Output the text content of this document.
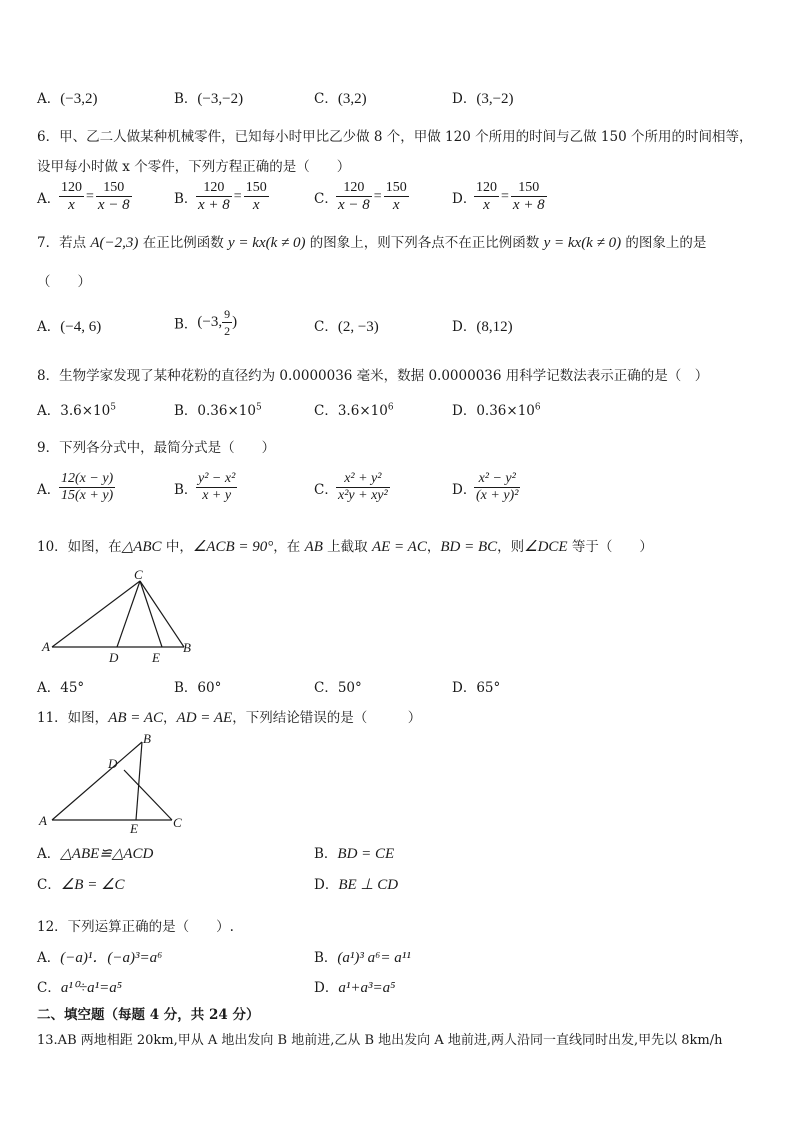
A．(−3,2)	B．(−3,−2)	C．(3,2)	D．(3,−2)
6．甲、乙二人做某种机械零件，已知每小时甲比乙少做 8 个，甲做 120 个所用的时间与乙做 150 个所用的时间相等，
设甲每小时做 x 个零件，下列方程正确的是（　　）
A．
$\frac{120}{x} = \frac{150}{x - 8}$	B．
$\frac{120}{x + 8} = \frac{150}{x}$	C．
$\frac{120}{x - 8} = \frac{150}{x}$	D．
$\frac{120}{x} = \frac{150}{x + 8}$
7．若点 A(−2,3) 在正比例函数 y = kx(k ≠ 0) 的图象上，则下列各点不在正比例函数 y = kx(k ≠ 0) 的图象上的是
（　　）
A．(−4, 6)	B．(−3, $\frac{9}{2}$ )	C．(2, −3)	D．(8,12)
8．生物学家发现了某种花粉的直径约为 0.0000036 毫米，数据 0.0000036 用科学记数法表示正确的是（　）
A．$3.6\times 10^5$	B．$0.36\times 10^5$	C．$3.6\times 10^6$	D．$0.36\times 10^6$
9．下列各分式中，最简分式是（　　）
A．
$\frac{12(x - y)}{15(x + y)}$	B．
$\frac{\text{y² − x²}}{x + y}$	C．
$\frac{\text{x² + y²}}{\text{x²y + xy²}}$	D．
$\frac{\text{x² − y²}}{\text{(x + y)²}}$
10．如图，在△ABC 中，∠ACB = 90°，在 AB 上截取 AE = AC，BD = BC，则∠DCE 等于（　　）
C
A
D	E
B
A．45°	B．60°	C．50°	D．65°
11．如图，AB = AC，AD = AE，下列结论错误的是（　　　）
B
D
A
E	C
A．△ABE≌△ACD	B．BD = CE
C．∠B = ∠C	D．BE ⊥ CD
12．下列运算正确的是（　　）.
A．(−a)¹．(−a)³=a⁶	B．(a¹)³ a⁶= a¹¹
C．a¹⁰÷a¹=a⁵	D．a¹+a³=a⁵
二、填空题（每题 4 分，共 24 分）
13.AB 两地相距 20km,甲从 A 地出发向 B 地前进,乙从 B 地出发向 A 地前进,两人沿同一直线同时出发,甲先以 8km/h
